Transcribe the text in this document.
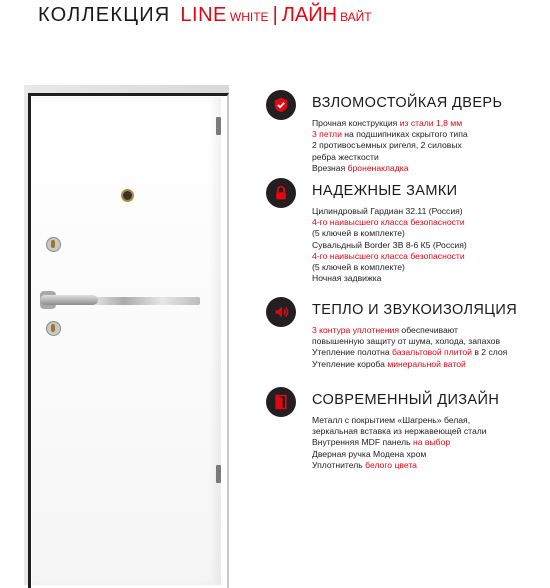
КОЛЛЕКЦИЯ LINE WHITE | ЛАЙН ВАЙТ
ВЗЛОМОСТОЙКАЯ ДВЕРЬ
Прочная конструкция из стали 1,8 мм
3 петли на подшипниках скрытого типа
2 противосъемных ригеля, 2 силовых
ребра жесткости
Врезная броненакладка
НАДЕЖНЫЕ ЗАМКИ
Цилиндровый Гардиан 32.11 (Россия)
4-го наивысшего класса безопасности
(5 ключей в комплекте)
Сувальдный Border ЗВ 8-6 К5 (Россия)
4-го наивысшего класса безопасности
(5 ключей в комплекте)
Ночная задвижка
ТЕПЛО И ЗВУКОИЗОЛЯЦИЯ
3 контура уплотнения обеспечивают
повышенную защиту от шума, холода, запахов
Утепление полотна базальтовой плитой в 2 слоя
Утепление короба минеральной ватой
СОВРЕМЕННЫЙ ДИЗАЙН
Металл с покрытием «Шагрень» белая,
зеркальная вставка из нержавеющей стали
Внутренняя MDF панель на выбор
Дверная ручка Модена хром
Уплотнитель белого цвета
